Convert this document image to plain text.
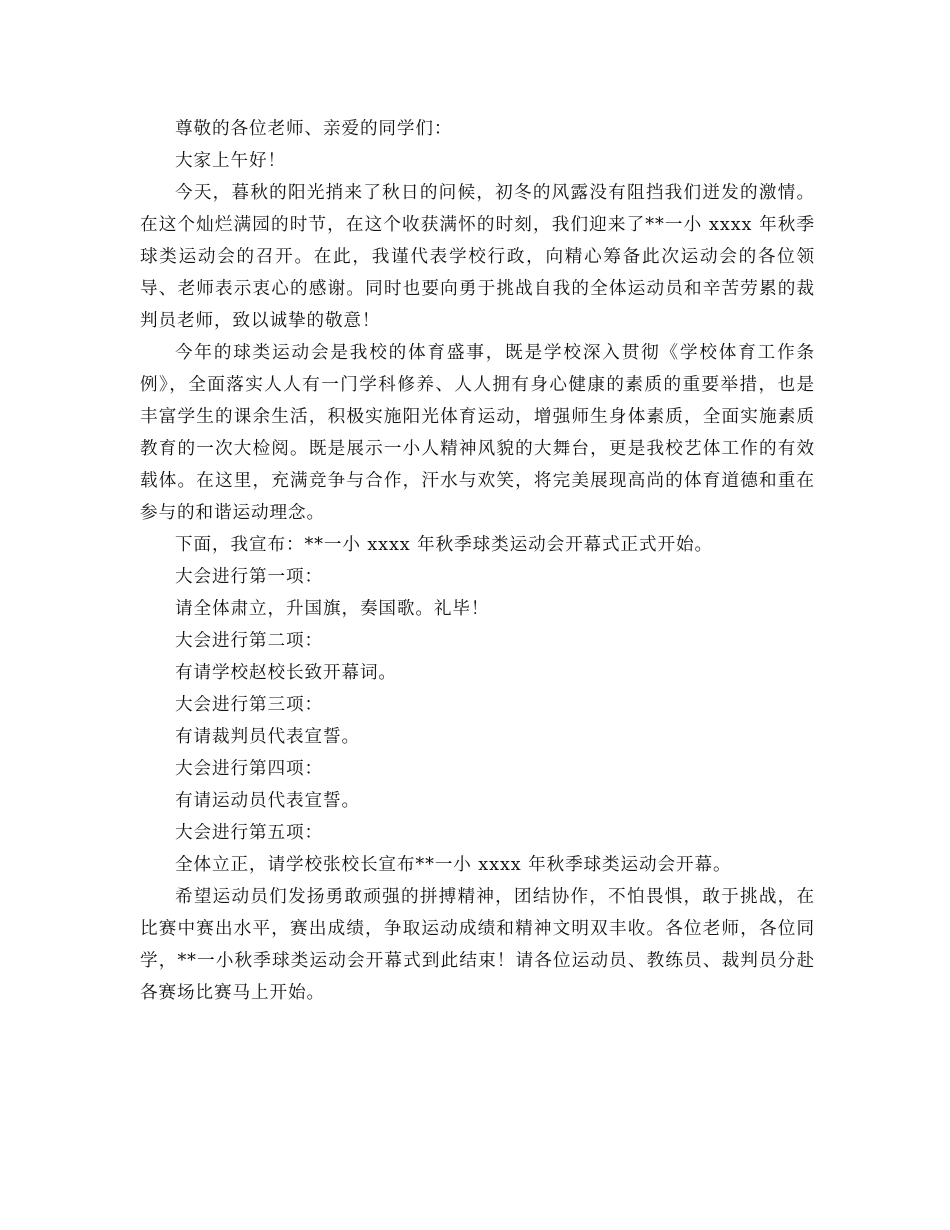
尊敬的各位老师、亲爱的同学们：

大家上午好！

今天，暮秋的阳光捎来了秋日的问候，初冬的风露没有阻挡我们迸发的激情。在这个灿烂满园的时节，在这个收获满怀的时刻，我们迎来了**一小 xxxx 年秋季球类运动会的召开。在此，我谨代表学校行政，向精心筹备此次运动会的各位领导、老师表示衷心的感谢。同时也要向勇于挑战自我的全体运动员和辛苦劳累的裁判员老师，致以诚挚的敬意！

今年的球类运动会是我校的体育盛事，既是学校深入贯彻《学校体育工作条例》，全面落实人人有一门学科修养、人人拥有身心健康的素质的重要举措，也是丰富学生的课余生活，积极实施阳光体育运动，增强师生身体素质，全面实施素质教育的一次大检阅。既是展示一小人精神风貌的大舞台，更是我校艺体工作的有效载体。在这里，充满竞争与合作，汗水与欢笑，将完美展现高尚的体育道德和重在参与的和谐运动理念。

下面，我宣布：**一小 xxxx 年秋季球类运动会开幕式正式开始。

大会进行第一项：

请全体肃立，升国旗，奏国歌。礼毕！

大会进行第二项：

有请学校赵校长致开幕词。

大会进行第三项：

有请裁判员代表宣誓。

大会进行第四项：

有请运动员代表宣誓。

大会进行第五项：

全体立正，请学校张校长宣布**一小 xxxx 年秋季球类运动会开幕。

希望运动员们发扬勇敢顽强的拼搏精神，团结协作，不怕畏惧，敢于挑战，在比赛中赛出水平，赛出成绩，争取运动成绩和精神文明双丰收。各位老师，各位同学，**一小秋季球类运动会开幕式到此结束！请各位运动员、教练员、裁判员分赴各赛场比赛马上开始。
